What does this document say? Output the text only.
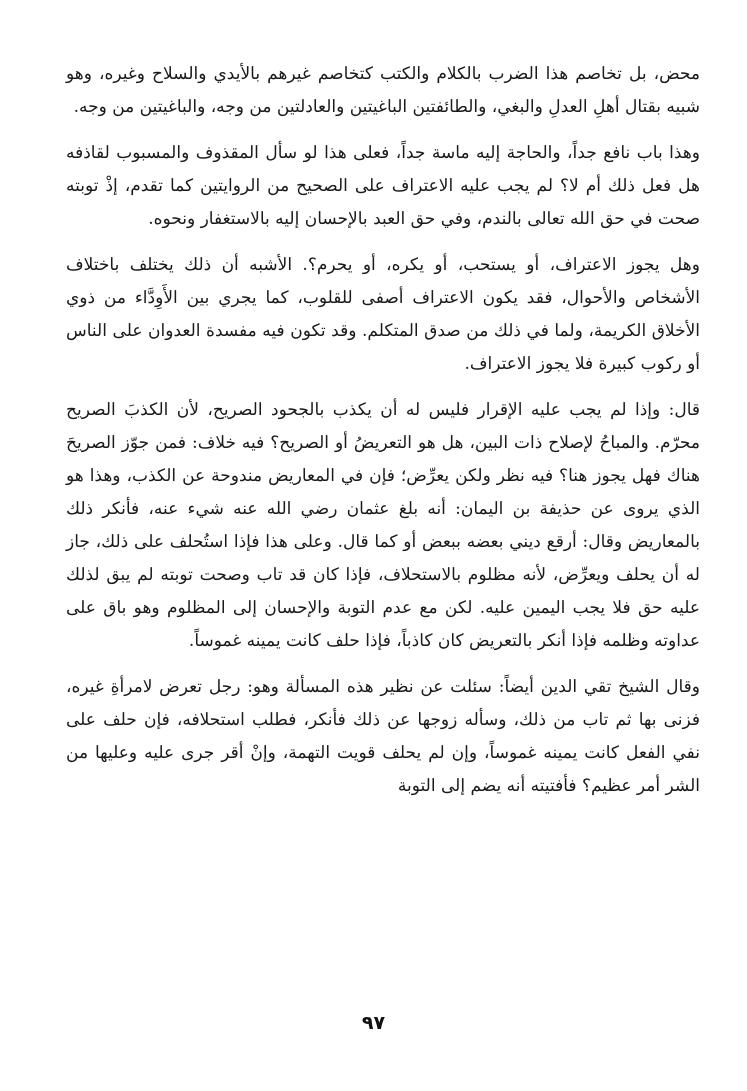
محض، بل تخاصم هذا الضرب بالكلام والكتب كتخاصم غيرهم بالأيدي والسلاح وغيره، وهو شبيه بقتال أهلِ العدلِ والبغي، والطائفتين الباغيتين والعادلتين من وجه، والباغيتين من وجه.

وهذا باب نافع جداً، والحاجة إليه ماسة جداً، فعلى هذا لو سأل المقذوف والمسبوب لقاذفه هل فعل ذلك أم لا؟ لم يجب عليه الاعتراف على الصحيح من الروايتين كما تقدم، إذْ توبته صحت في حق الله تعالى بالندم، وفي حق العبد بالإحسان إليه بالاستغفار ونحوه.

وهل يجوز الاعتراف، أو يستحب، أو يكره، أو يحرم؟. الأشبه أن ذلك يختلف باختلاف الأشخاص والأحوال، فقد يكون الاعتراف أصفى للقلوب، كما يجري بين الأَوِدَّاء من ذوي الأخلاق الكريمة، ولما في ذلك من صدق المتكلم. وقد تكون فيه مفسدة العدوان على الناس أو ركوب كبيرة فلا يجوز الاعتراف.

قال: وإذا لم يجب عليه الإقرار فليس له أن يكذب بالجحود الصريح، لأن الكذبَ الصريح محرّم. والمباحُ لإصلاح ذات البين، هل هو التعريضُ أو الصريح؟ فيه خلاف: فمن جوّز الصريحَ هناك فهل يجوز هنا؟ فيه نظر ولكن يعرِّض؛ فإن في المعاريض مندوحة عن الكذب، وهذا هو الذي يروى عن حذيفة بن اليمان: أنه بلغ عثمان رضي الله عنه شيء عنه، فأنكر ذلك بالمعاريض وقال: أرقع ديني بعضه ببعض أو كما قال. وعلى هذا فإذا استُحلف على ذلك، جاز له أن يحلف ويعرِّض، لأنه مظلوم بالاستحلاف، فإذا كان قد تاب وصحت توبته لم يبق لذلك عليه حق فلا يجب اليمين عليه. لكن مع عدم التوبة والإحسان إلى المظلوم وهو باق على عداوته وظلمه فإذا أنكر بالتعريض كان كاذباً، فإذا حلف كانت يمينه غموساً.

وقال الشيخ تقي الدين أيضاً: سئلت عن نظير هذه المسألة وهو: رجل تعرض لامرأةِ غيره، فزنى بها ثم تاب من ذلك، وسأله زوجها عن ذلك فأنكر، فطلب استحلافه، فإن حلف على نفي الفعل كانت يمينه غموساً، وإن لم يحلف قويت التهمة، وإنْ أقر جرى عليه وعليها من الشر أمر عظيم؟ فأفتيته أنه يضم إلى التوبة

٩٧
